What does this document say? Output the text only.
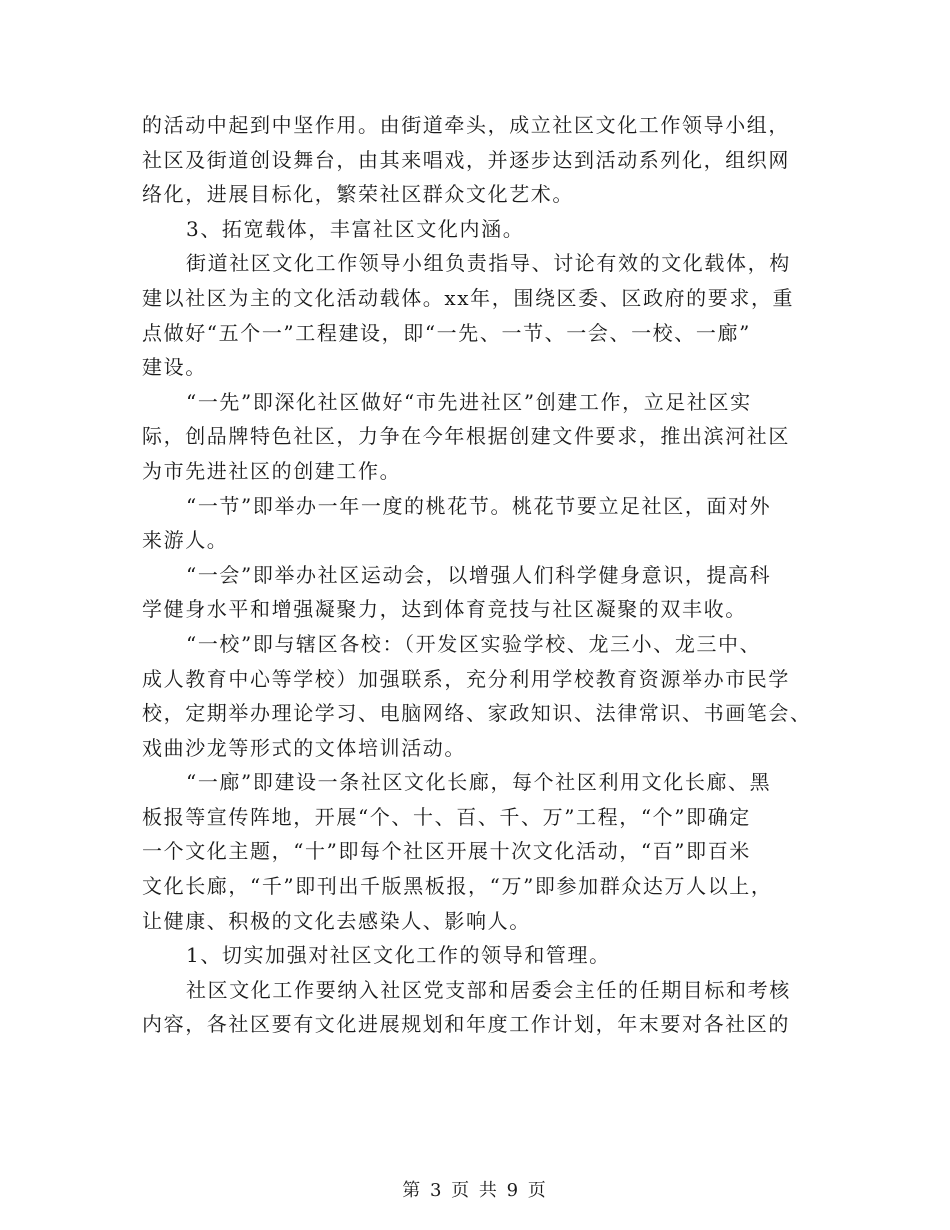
的活动中起到中坚作用。由街道牵头，成立社区文化工作领导小组，
社区及街道创设舞台，由其来唱戏，并逐步达到活动系列化，组织网
络化，进展目标化，繁荣社区群众文化艺术。

3、拓宽载体，丰富社区文化内涵。

街道社区文化工作领导小组负责指导、讨论有效的文化载体，构
建以社区为主的文化活动载体。xx年，围绕区委、区政府的要求，重
点做好“五个一”工程建设，即“一先、一节、一会、一校、一廊”
建设。

“一先”即深化社区做好“市先进社区”创建工作，立足社区实
际，创品牌特色社区，力争在今年根据创建文件要求，推出滨河社区
为市先进社区的创建工作。

“一节”即举办一年一度的桃花节。桃花节要立足社区，面对外
来游人。

“一会”即举办社区运动会，以增强人们科学健身意识，提高科
学健身水平和增强凝聚力，达到体育竞技与社区凝聚的双丰收。

“一校”即与辖区各校：（开发区实验学校、龙三小、龙三中、
成人教育中心等学校）加强联系，充分利用学校教育资源举办市民学
校，定期举办理论学习、电脑网络、家政知识、法律常识、书画笔会、
戏曲沙龙等形式的文体培训活动。

“一廊”即建设一条社区文化长廊，每个社区利用文化长廊、黑
板报等宣传阵地，开展“个、十、百、千、万”工程，“个”即确定
一个文化主题，“十”即每个社区开展十次文化活动，“百”即百米
文化长廊，“千”即刊出千版黑板报，“万”即参加群众达万人以上，
让健康、积极的文化去感染人、影响人。

1、切实加强对社区文化工作的领导和管理。

社区文化工作要纳入社区党支部和居委会主任的任期目标和考核
内容，各社区要有文化进展规划和年度工作计划，年末要对各社区的

第 3 页 共 9 页
